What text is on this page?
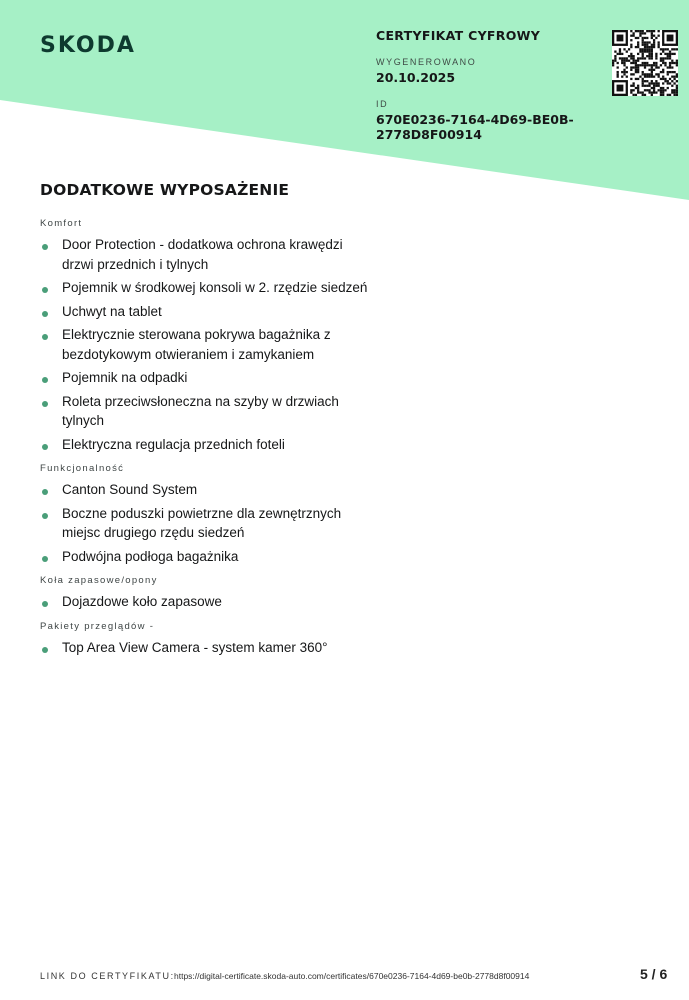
SKODA	CERTYFIKAT CYFROWY
WYGENEROWANO
20.10.2025
ID
670E0236-7164-4D69-BE0B-2778D8F00914
DODATKOWE WYPOSAŻENIE
Komfort
Door Protection - dodatkowa ochrona krawędzi drzwi przednich i tylnych
Pojemnik w środkowej konsoli w 2. rzędzie siedzeń
Uchwyt na tablet
Elektrycznie sterowana pokrywa bagażnika z bezdotykowym otwieraniem i zamykaniem
Pojemnik na odpadki
Roleta przeciwsłoneczna na szyby w drzwiach tylnych
Elektryczna regulacja przednich foteli
Funkcjonalność
Canton Sound System
Boczne poduszki powietrzne dla zewnętrznych miejsc drugiego rzędu siedzeń
Podwójna podłoga bagażnika
Koła zapasowe/opony
Dojazdowe koło zapasowe
Pakiety przeglądów -
Top Area View Camera - system kamer 360°
LINK DO CERTYFIKATU: https://digital-certificate.skoda-auto.com/certificates/670e0236-7164-4d69-be0b-2778d8f00914	5 / 6
